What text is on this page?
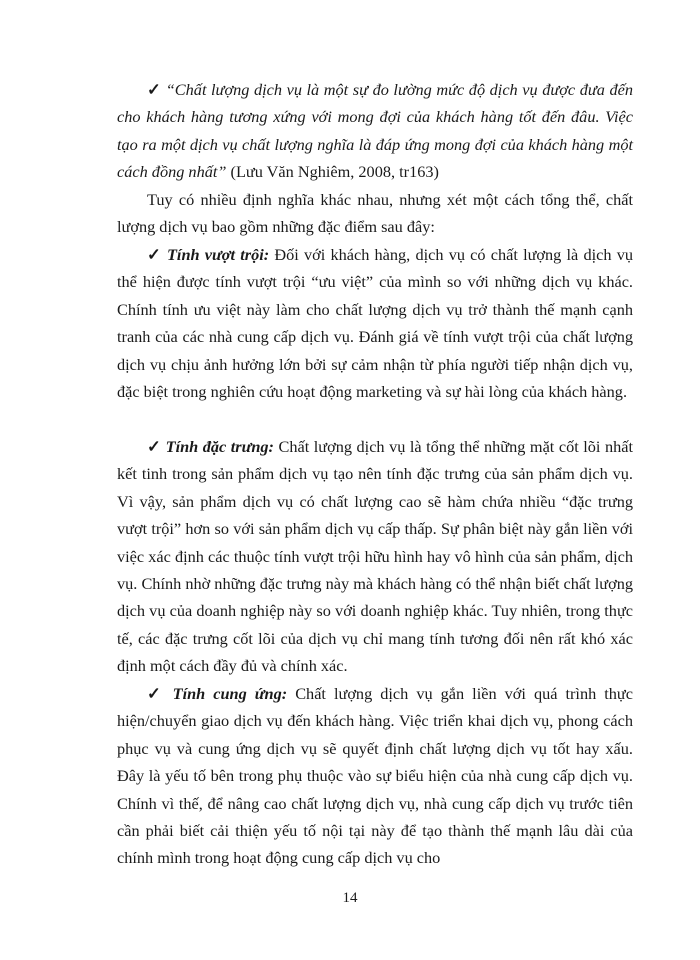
✓ “Chất lượng dịch vụ là một sự đo lường mức độ dịch vụ được đưa đến cho khách hàng tương xứng với mong đợi của khách hàng tốt đến đâu. Việc tạo ra một dịch vụ chất lượng nghĩa là đáp ứng mong đợi của khách hàng một cách đồng nhất” (Lưu Văn Nghiêm, 2008, tr163)

Tuy có nhiều định nghĩa khác nhau, nhưng xét một cách tổng thể, chất lượng dịch vụ bao gồm những đặc điểm sau đây:

✓ Tính vượt trội: Đối với khách hàng, dịch vụ có chất lượng là dịch vụ thể hiện được tính vượt trội “ưu việt” của mình so với những dịch vụ khác. Chính tính ưu việt này làm cho chất lượng dịch vụ trở thành thế mạnh cạnh tranh của các nhà cung cấp dịch vụ. Đánh giá về tính vượt trội của chất lượng dịch vụ chịu ảnh hưởng lớn bởi sự cảm nhận từ phía người tiếp nhận dịch vụ, đặc biệt trong nghiên cứu hoạt động marketing và sự hài lòng của khách hàng.

✓ Tính đặc trưng: Chất lượng dịch vụ là tổng thể những mặt cốt lõi nhất kết tinh trong sản phẩm dịch vụ tạo nên tính đặc trưng của sản phẩm dịch vụ. Vì vậy, sản phẩm dịch vụ có chất lượng cao sẽ hàm chứa nhiều “đặc trưng vượt trội” hơn so với sản phẩm dịch vụ cấp thấp. Sự phân biệt này gắn liền với việc xác định các thuộc tính vượt trội hữu hình hay vô hình của sản phẩm, dịch vụ. Chính nhờ những đặc trưng này mà khách hàng có thể nhận biết chất lượng dịch vụ của doanh nghiệp này so với doanh nghiệp khác. Tuy nhiên, trong thực tế, các đặc trưng cốt lõi của dịch vụ chỉ mang tính tương đối nên rất khó xác định một cách đầy đủ và chính xác.

✓ Tính cung ứng: Chất lượng dịch vụ gắn liền với quá trình thực hiện/chuyển giao dịch vụ đến khách hàng. Việc triển khai dịch vụ, phong cách phục vụ và cung ứng dịch vụ sẽ quyết định chất lượng dịch vụ tốt hay xấu. Đây là yếu tố bên trong phụ thuộc vào sự biểu hiện của nhà cung cấp dịch vụ. Chính vì thế, để nâng cao chất lượng dịch vụ, nhà cung cấp dịch vụ trước tiên cần phải biết cải thiện yếu tố nội tại này để tạo thành thế mạnh lâu dài của chính mình trong hoạt động cung cấp dịch vụ cho

14
